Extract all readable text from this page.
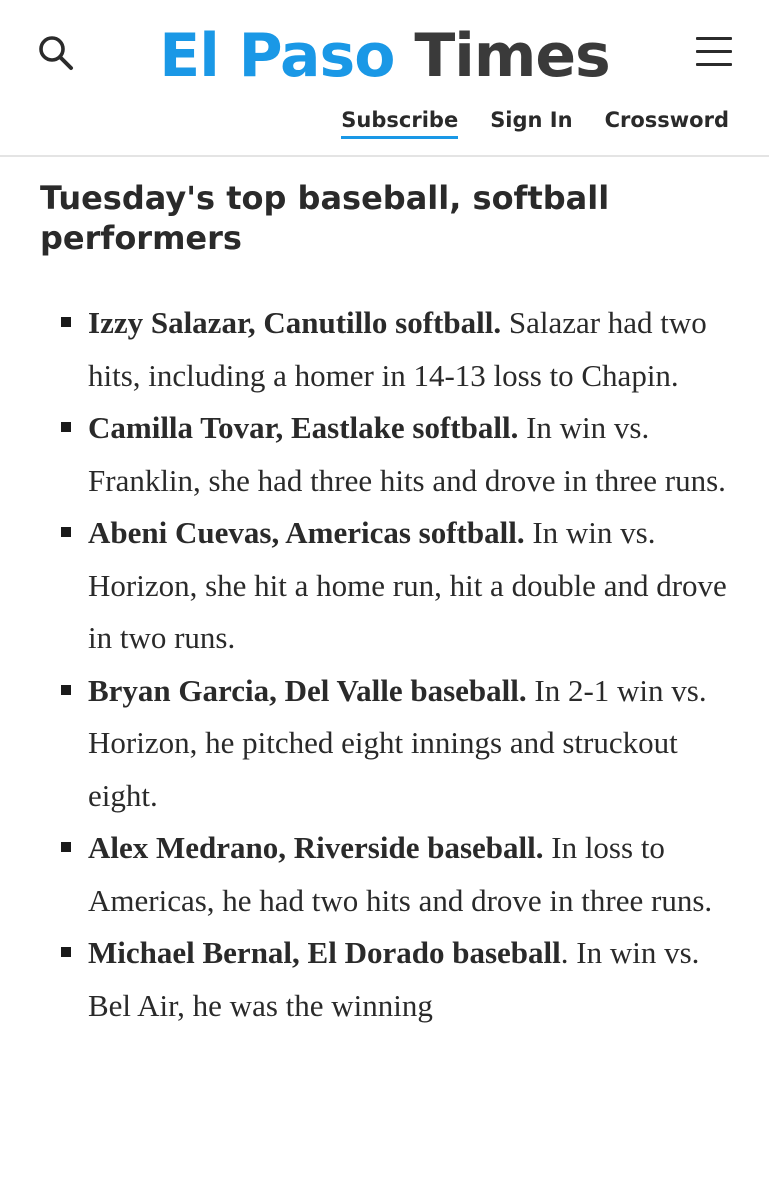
El Paso Times
Subscribe Sign In Crossword
Tuesday's top baseball, softball performers
Izzy Salazar, Canutillo softball. Salazar had two hits, including a homer in 14-13 loss to Chapin.
Camilla Tovar, Eastlake softball. In win vs. Franklin, she had three hits and drove in three runs.
Abeni Cuevas, Americas softball. In win vs. Horizon, she hit a home run, hit a double and drove in two runs.
Bryan Garcia, Del Valle baseball. In 2-1 win vs. Horizon, he pitched eight innings and struckout eight.
Alex Medrano, Riverside baseball. In loss to Americas, he had two hits and drove in three runs.
Michael Bernal, El Dorado baseball. In win vs. Bel Air, he was the winning
